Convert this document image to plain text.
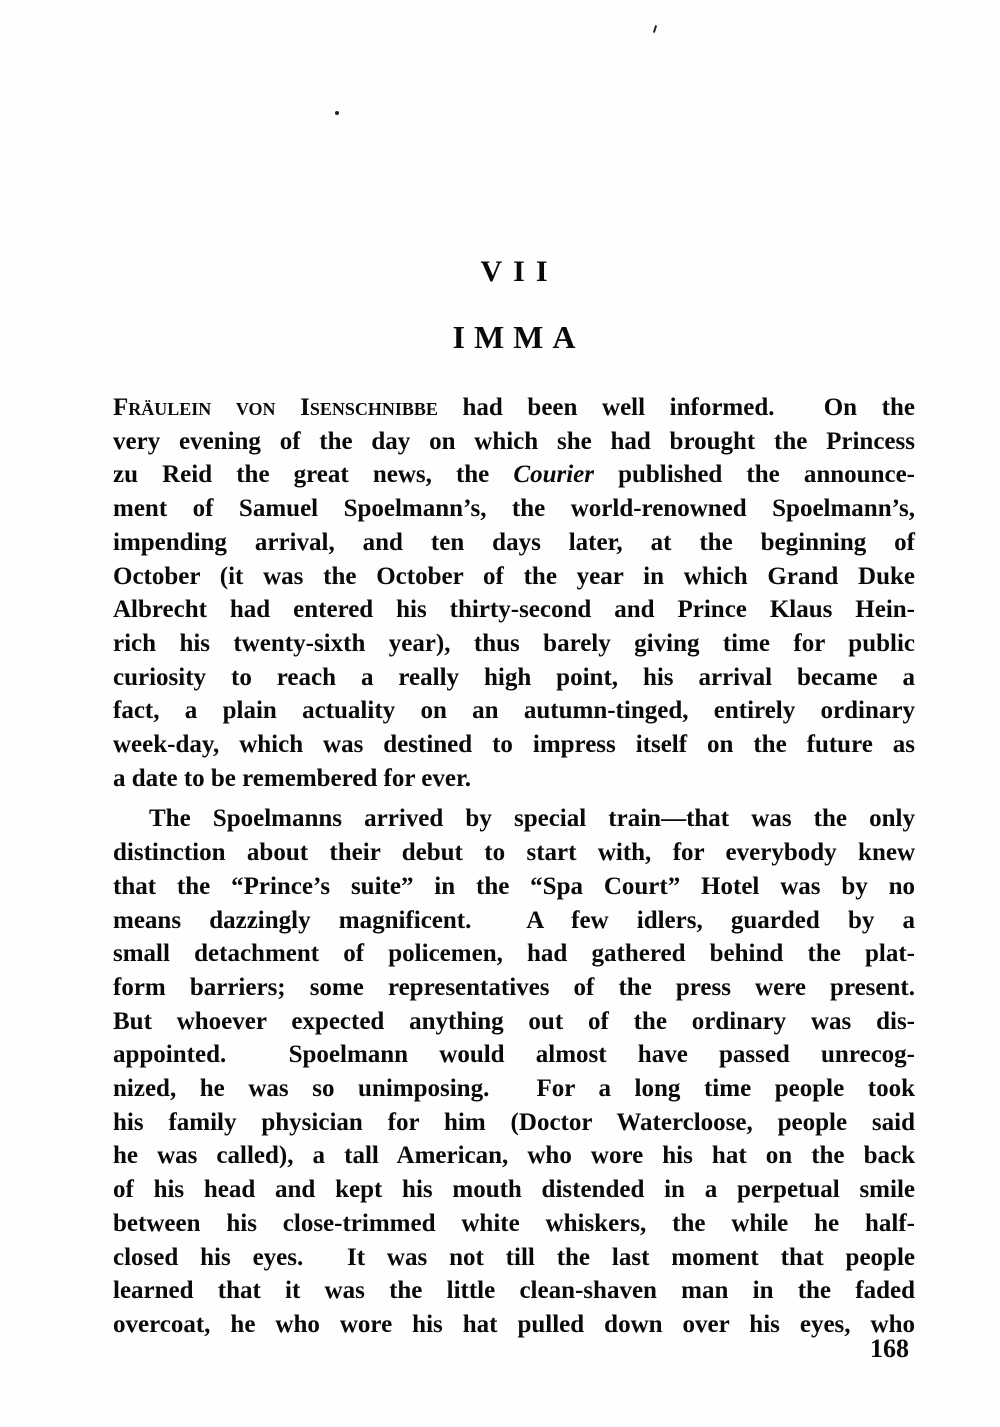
VII
IMMA
Fräulein von Isenschnibbe had been well informed.  On the
very evening of the day on which she had brought the Princess
zu Reid the great news, the Courier published the announce-
ment of Samuel Spoelmann’s, the world-renowned Spoelmann’s,
impending arrival, and ten days later, at the beginning of
October (it was the October of the year in which Grand Duke
Albrecht had entered his thirty-second and Prince Klaus Hein-
rich his twenty-sixth year), thus barely giving time for public
curiosity to reach a really high point, his arrival became a
fact, a plain actuality on an autumn-tinged, entirely ordinary
week-day, which was destined to impress itself on the future as
a date to be remembered for ever.
The Spoelmanns arrived by special train—that was the only
distinction about their debut to start with, for everybody knew
that the “Prince’s suite” in the “Spa Court” Hotel was by no
means dazzingly magnificent.  A few idlers, guarded by a
small detachment of policemen, had gathered behind the plat-
form barriers; some representatives of the press were present.
But whoever expected anything out of the ordinary was dis-
appointed.  Spoelmann would almost have passed unrecog-
nized, he was so unimposing.  For a long time people took
his family physician for him (Doctor Watercloose, people said
he was called), a tall American, who wore his hat on the back
of his head and kept his mouth distended in a perpetual smile
between his close-trimmed white whiskers, the while he half-
closed his eyes.  It was not till the last moment that people
learned that it was the little clean-shaven man in the faded
overcoat, he who wore his hat pulled down over his eyes, who
168
